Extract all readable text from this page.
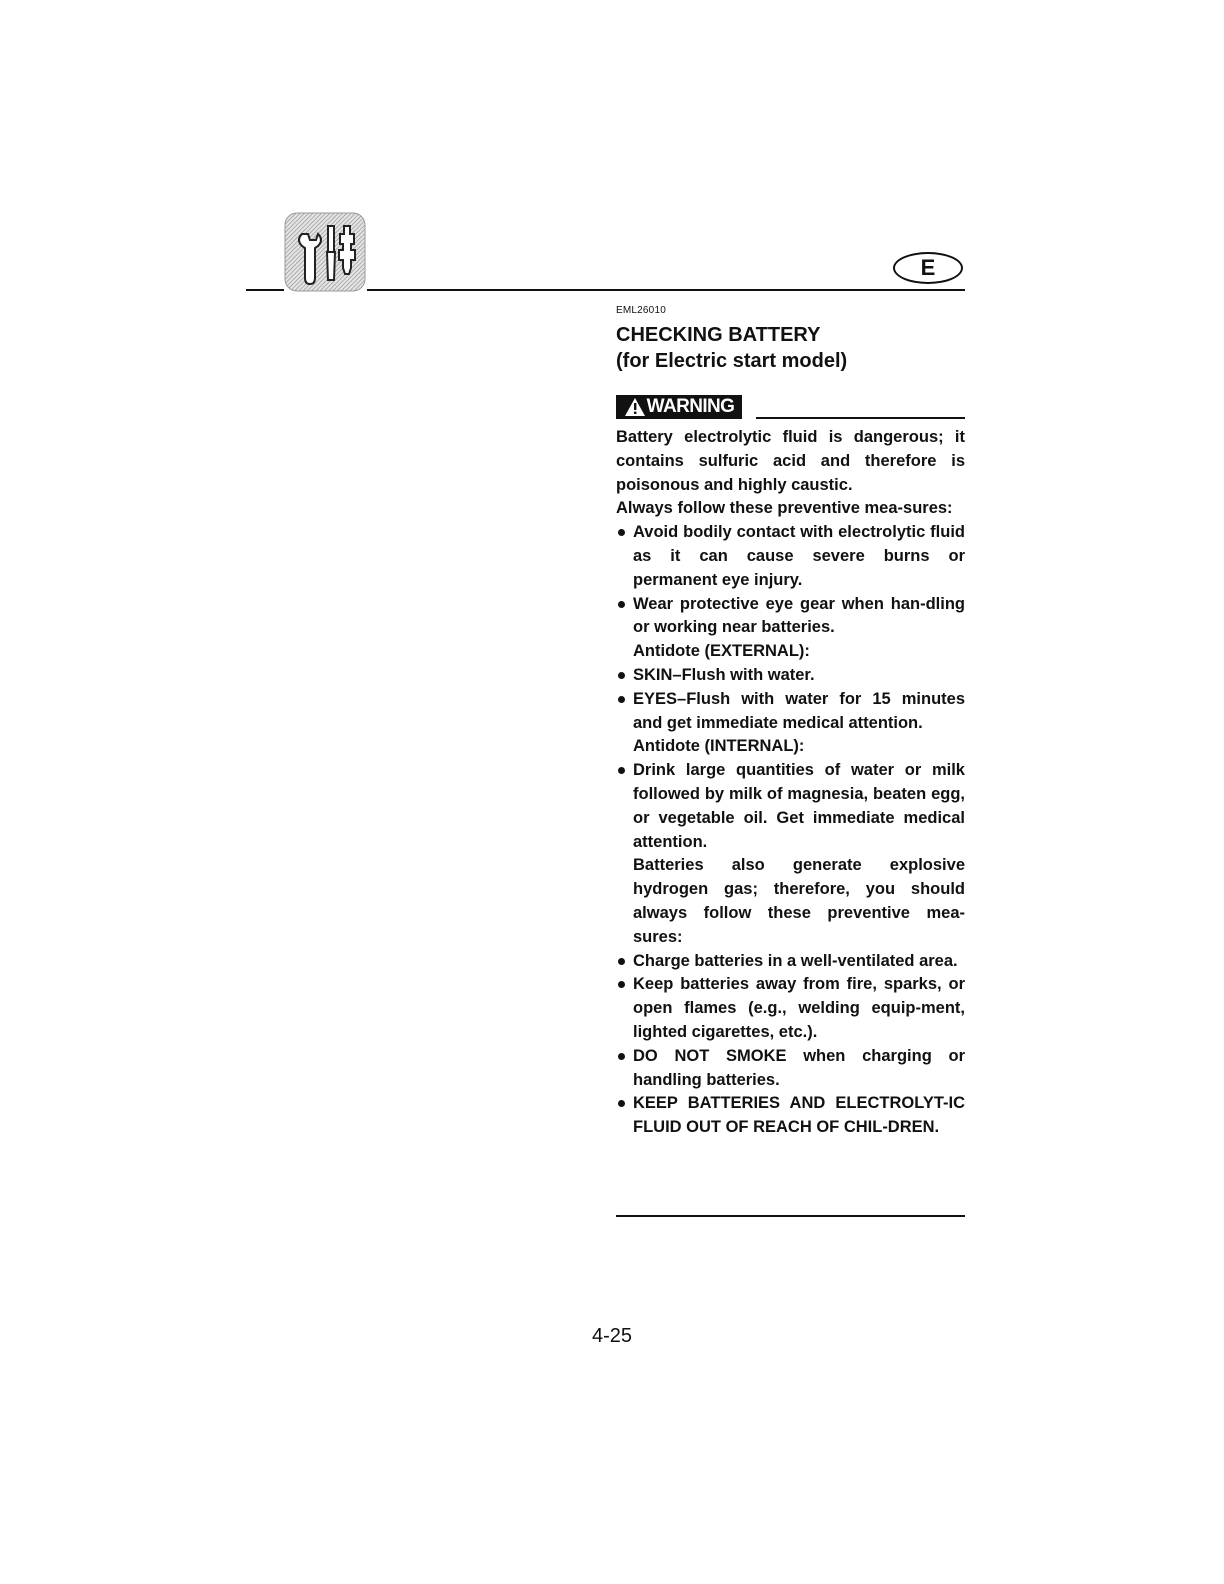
E
EML26010
CHECKING BATTERY
(for Electric start model)
WARNING

Battery electrolytic fluid is dangerous; it contains sulfuric acid and therefore is poisonous and highly caustic.

Always follow these preventive mea-sures:

Avoid bodily contact with electrolytic fluid as it can cause severe burns or permanent eye injury.

Wear protective eye gear when han-dling or working near batteries.

Antidote (EXTERNAL):

SKIN–Flush with water.

EYES–Flush with water for 15 minutes and get immediate medical attention.

Antidote (INTERNAL):

Drink large quantities of water or milk followed by milk of magnesia, beaten egg, or vegetable oil. Get immediate medical attention.

Batteries also generate explosive hydrogen gas; therefore, you should always follow these preventive mea-sures:

Charge batteries in a well-ventilated area.

Keep batteries away from fire, sparks, or open flames (e.g., welding equip-ment, lighted cigarettes, etc.).

DO NOT SMOKE when charging or handling batteries.

KEEP BATTERIES AND ELECTROLYT-IC FLUID OUT OF REACH OF CHIL-DREN.

4-25
